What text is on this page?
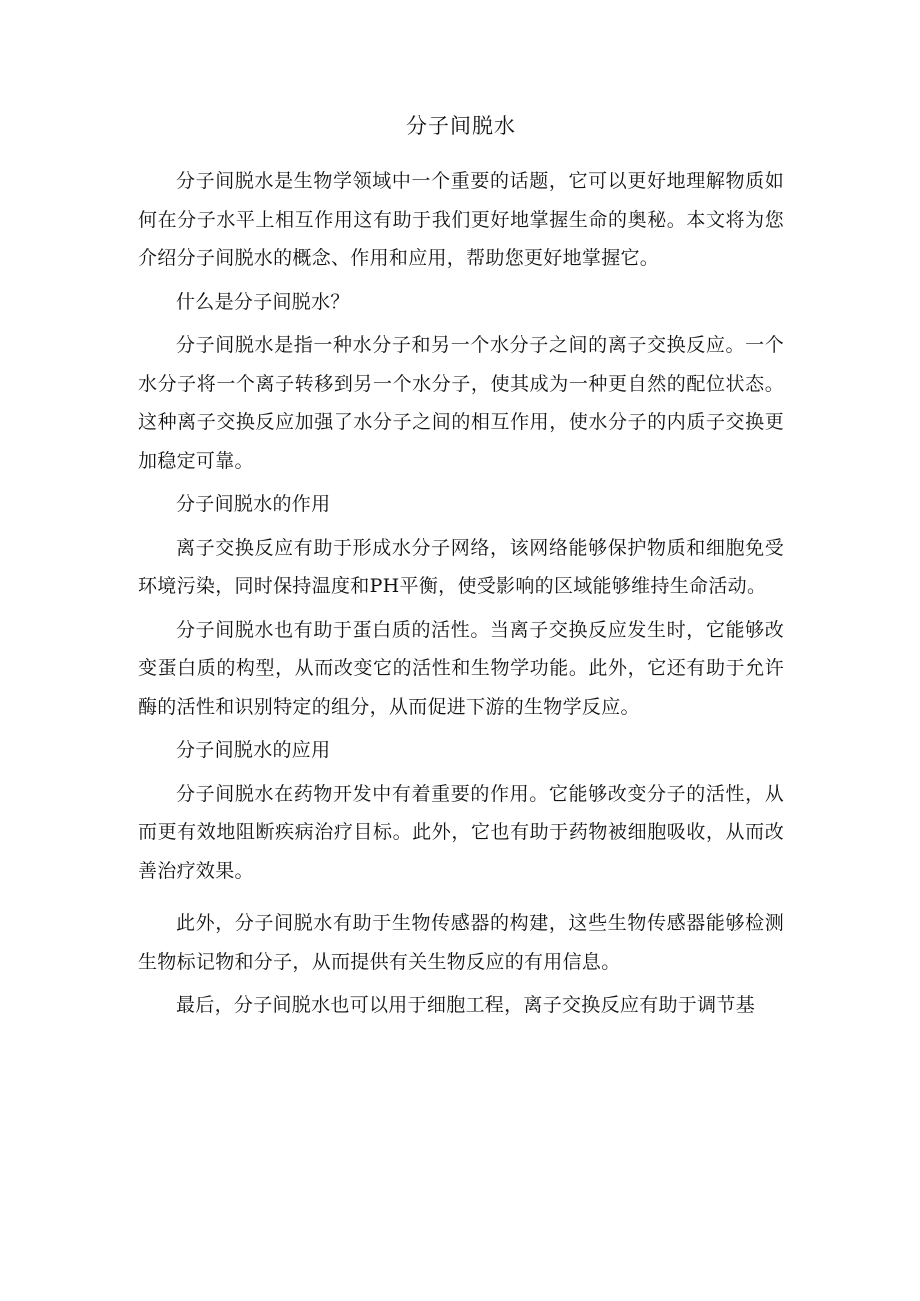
分子间脱水

分子间脱水是生物学领域中一个重要的话题，它可以更好地理解物质如何在分子水平上相互作用这有助于我们更好地掌握生命的奥秘。本文将为您介绍分子间脱水的概念、作用和应用，帮助您更好地掌握它。

什么是分子间脱水？

分子间脱水是指一种水分子和另一个水分子之间的离子交换反应。一个水分子将一个离子转移到另一个水分子，使其成为一种更自然的配位状态。这种离子交换反应加强了水分子之间的相互作用，使水分子的内质子交换更加稳定可靠。

分子间脱水的作用

离子交换反应有助于形成水分子网络，该网络能够保护物质和细胞免受环境污染，同时保持温度和PH平衡，使受影响的区域能够维持生命活动。

分子间脱水也有助于蛋白质的活性。当离子交换反应发生时，它能够改变蛋白质的构型，从而改变它的活性和生物学功能。此外，它还有助于允许酶的活性和识别特定的组分，从而促进下游的生物学反应。

分子间脱水的应用

分子间脱水在药物开发中有着重要的作用。它能够改变分子的活性，从而更有效地阻断疾病治疗目标。此外，它也有助于药物被细胞吸收，从而改善治疗效果。

此外，分子间脱水有助于生物传感器的构建，这些生物传感器能够检测生物标记物和分子，从而提供有关生物反应的有用信息。

最后，分子间脱水也可以用于细胞工程，离子交换反应有助于调节基
